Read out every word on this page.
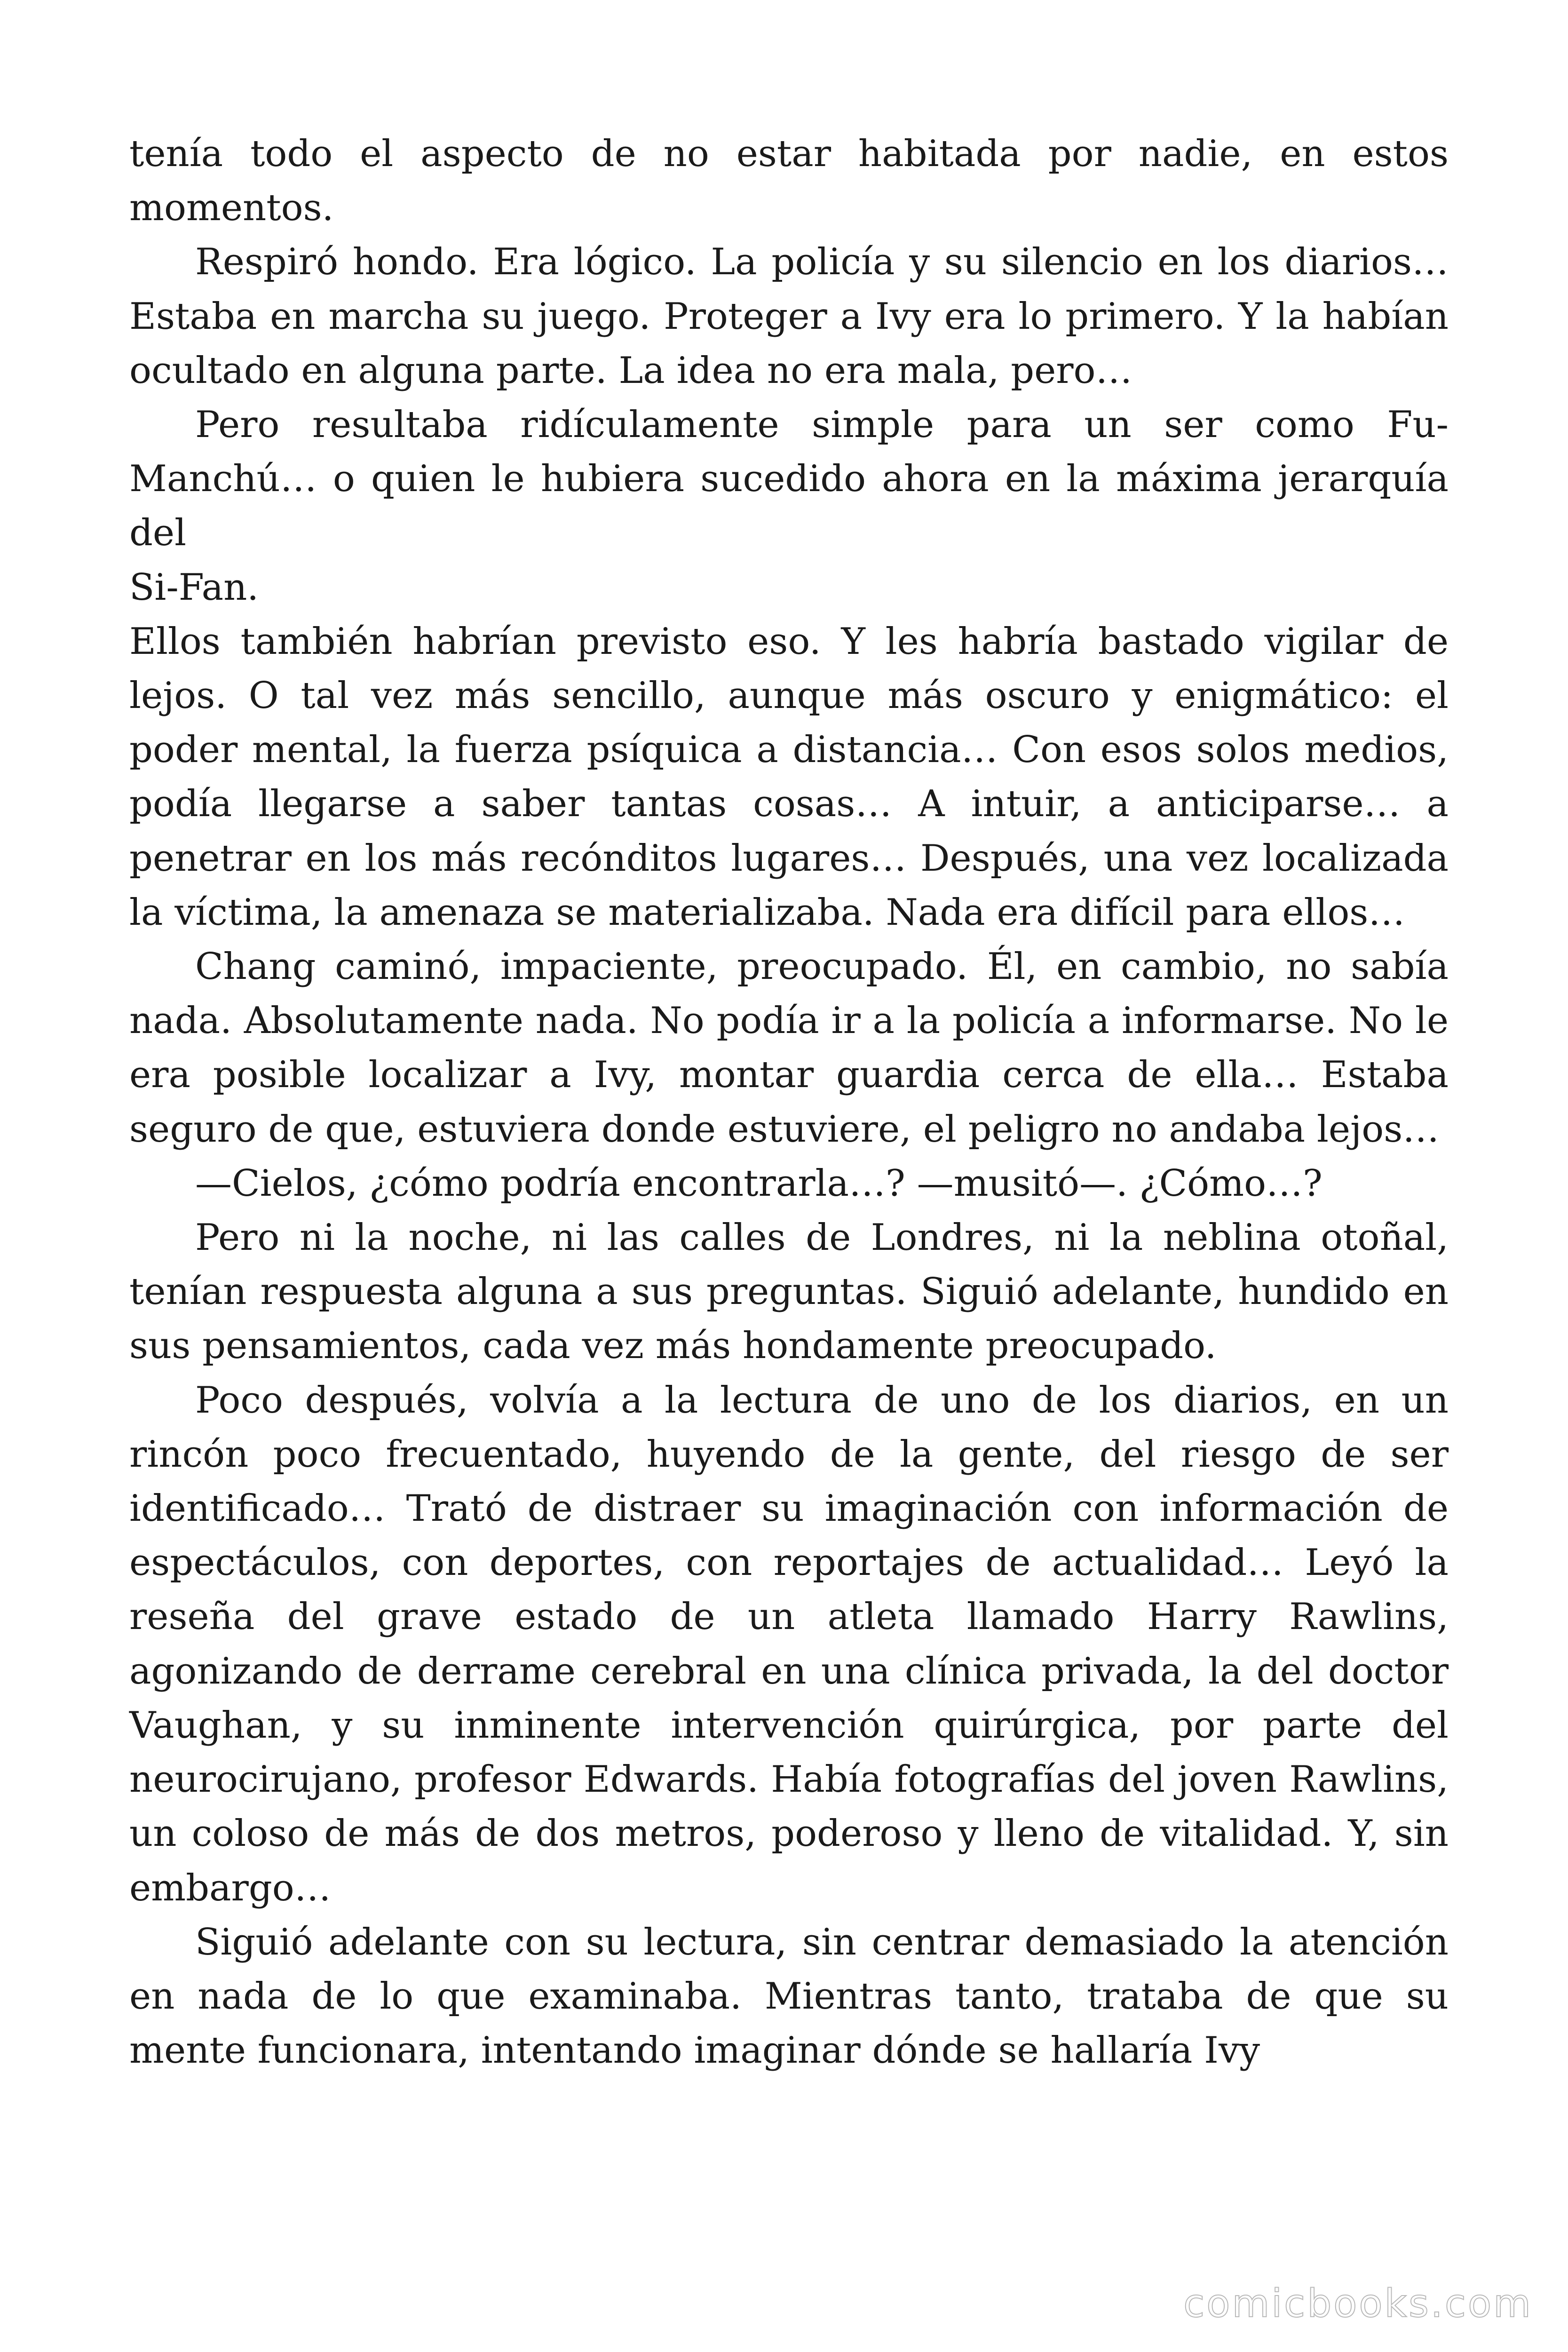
tenía todo el aspecto de no estar habitada por nadie, en estos momentos.

Respiró hondo. Era lógico. La policía y su silencio en los diarios… Estaba en marcha su juego. Proteger a Ivy era lo primero. Y la habían ocultado en alguna parte. La idea no era mala, pero…

Pero resultaba ridículamente simple para un ser como Fu-Manchú… o quien le hubiera sucedido ahora en la máxima jerarquía del

Si-Fan.

Ellos también habrían previsto eso. Y les habría bastado vigilar de lejos. O tal vez más sencillo, aunque más oscuro y enigmático: el poder mental, la fuerza psíquica a distancia… Con esos solos medios, podía llegarse a saber tantas cosas… A intuir, a anticiparse… a penetrar en los más recónditos lugares… Después, una vez localizada la víctima, la amenaza se materializaba. Nada era difícil para ellos…

Chang caminó, impaciente, preocupado. Él, en cambio, no sabía nada. Absolutamente nada. No podía ir a la policía a informarse. No le era posible localizar a Ivy, montar guardia cerca de ella… Estaba seguro de que, estuviera donde estuviere, el peligro no andaba lejos…

—Cielos, ¿cómo podría encontrarla…? —musitó—. ¿Cómo…?

Pero ni la noche, ni las calles de Londres, ni la neblina otoñal, tenían respuesta alguna a sus preguntas. Siguió adelante, hundido en sus pensamientos, cada vez más hondamente preocupado.

Poco después, volvía a la lectura de uno de los diarios, en un rincón poco frecuentado, huyendo de la gente, del riesgo de ser identificado… Trató de distraer su imaginación con información de espectáculos, con deportes, con reportajes de actualidad… Leyó la reseña del grave estado de un atleta llamado Harry Rawlins, agonizando de derrame cerebral en una clínica privada, la del doctor Vaughan, y su inminente intervención quirúrgica, por parte del neurocirujano, profesor Edwards. Había fotografías del joven Rawlins, un coloso de más de dos metros, poderoso y lleno de vitalidad. Y, sin embargo…

Siguió adelante con su lectura, sin centrar demasiado la atención en nada de lo que examinaba. Mientras tanto, trataba de que su mente funcionara, intentando imaginar dónde se hallaría Ivy

comicbooks.com
